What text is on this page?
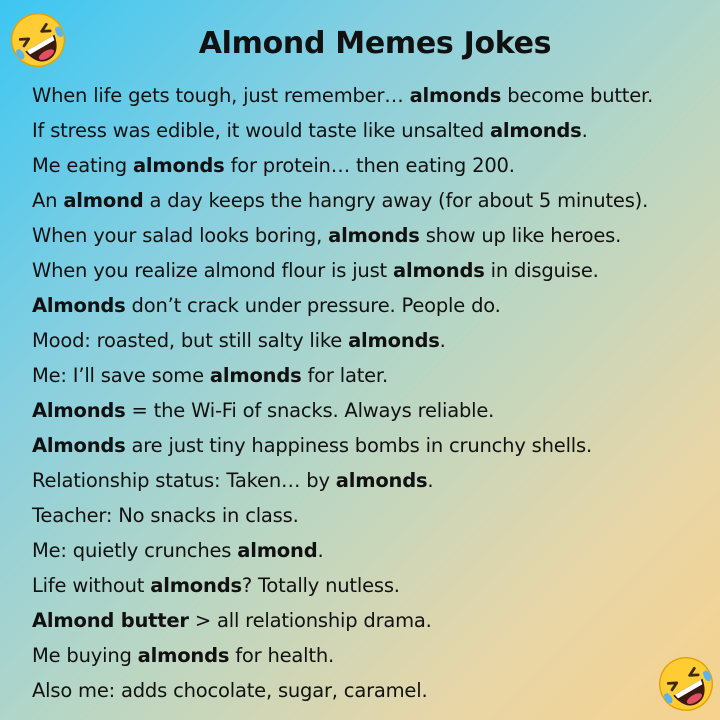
Almond Memes Jokes
When life gets tough, just remember… almonds become butter.
If stress was edible, it would taste like unsalted almonds.
Me eating almonds for protein… then eating 200.
An almond a day keeps the hangry away (for about 5 minutes).
When your salad looks boring, almonds show up like heroes.
When you realize almond flour is just almonds in disguise.
Almonds don’t crack under pressure. People do.
Mood: roasted, but still salty like almonds.
Me: I’ll save some almonds for later.
Almonds = the Wi-Fi of snacks. Always reliable.
Almonds are just tiny happiness bombs in crunchy shells.
Relationship status: Taken… by almonds.
Teacher: No snacks in class.
Me: quietly crunches almond.
Life without almonds? Totally nutless.
Almond butter > all relationship drama.
Me buying almonds for health.
Also me: adds chocolate, sugar, caramel.
